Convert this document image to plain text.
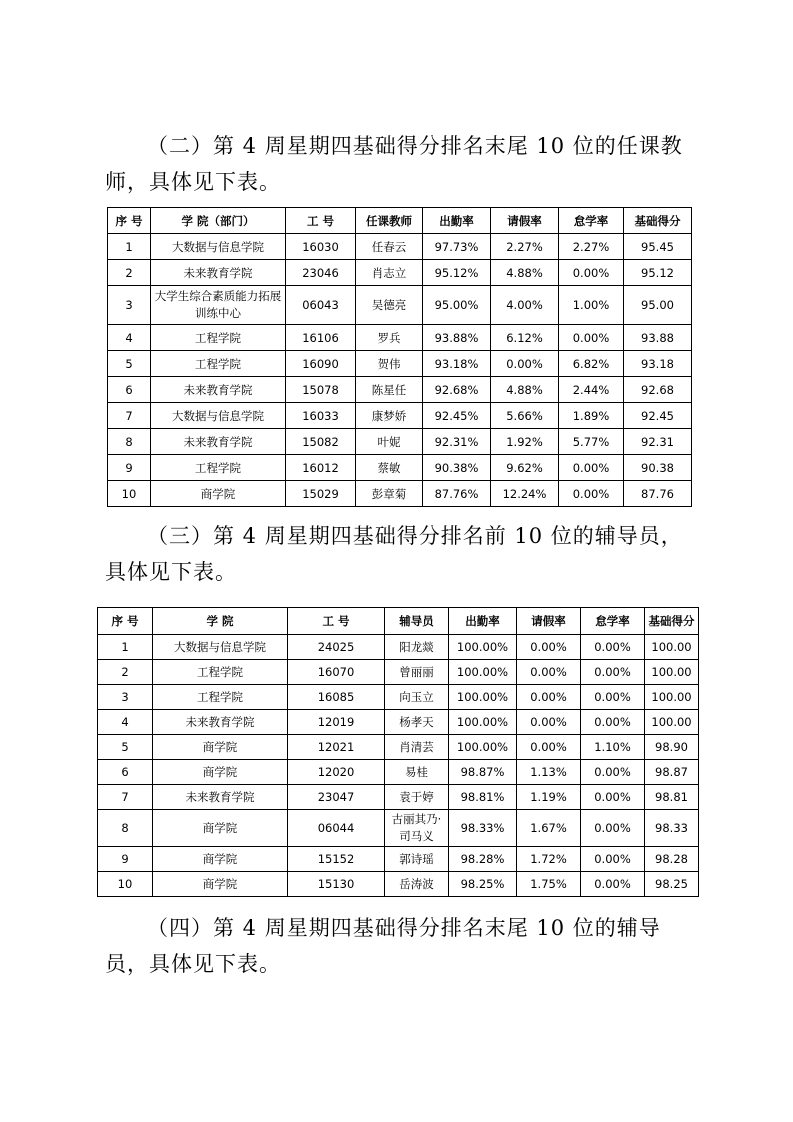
（二）第 4 周星期四基础得分排名末尾 10 位的任课教师，具体见下表。

序 号	学 院（部门）	工 号	任课教师	出勤率	请假率	怠学率	基础得分
1	大数据与信息学院	16030	任春云	97.73%	2.27%	2.27%	95.45
2	未来教育学院	23046	肖志立	95.12%	4.88%	0.00%	95.12
3	大学生综合素质能力拓展训练中心	06043	吴德亮	95.00%	4.00%	1.00%	95.00
4	工程学院	16106	罗兵	93.88%	6.12%	0.00%	93.88
5	工程学院	16090	贺伟	93.18%	0.00%	6.82%	93.18
6	未来教育学院	15078	陈星任	92.68%	4.88%	2.44%	92.68
7	大数据与信息学院	16033	康梦娇	92.45%	5.66%	1.89%	92.45
8	未来教育学院	15082	叶妮	92.31%	1.92%	5.77%	92.31
9	工程学院	16012	蔡敏	90.38%	9.62%	0.00%	90.38
10	商学院	15029	彭章菊	87.76%	12.24%	0.00%	87.76

（三）第 4 周星期四基础得分排名前 10 位的辅导员，具体见下表。

序 号	学 院	工 号	辅导员	出勤率	请假率	怠学率	基础得分
1	大数据与信息学院	24025	阳龙燚	100.00%	0.00%	0.00%	100.00
2	工程学院	16070	曾丽丽	100.00%	0.00%	0.00%	100.00
3	工程学院	16085	向玉立	100.00%	0.00%	0.00%	100.00
4	未来教育学院	12019	杨孝天	100.00%	0.00%	0.00%	100.00
5	商学院	12021	肖清芸	100.00%	0.00%	1.10%	98.90
6	商学院	12020	易桂	98.87%	1.13%	0.00%	98.87
7	未来教育学院	23047	袁于婷	98.81%	1.19%	0.00%	98.81
8	商学院	06044	古丽其乃·司马义	98.33%	1.67%	0.00%	98.33
9	商学院	15152	郭诗瑶	98.28%	1.72%	0.00%	98.28
10	商学院	15130	岳涛波	98.25%	1.75%	0.00%	98.25

（四）第 4 周星期四基础得分排名末尾 10 位的辅导员，具体见下表。
